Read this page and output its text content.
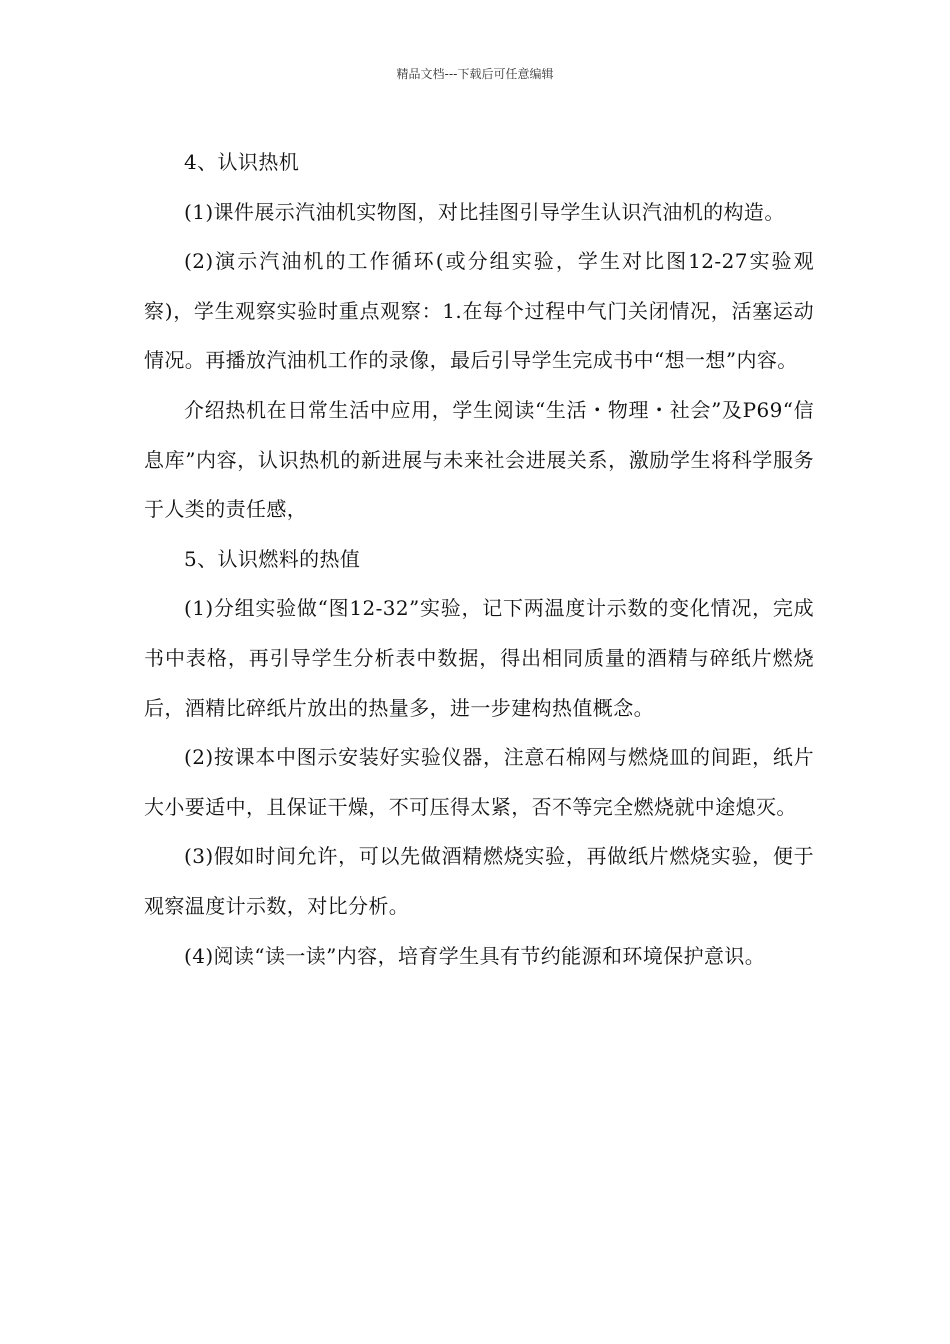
精品文档---下载后可任意编辑

4、认识热机

(1)课件展示汽油机实物图，对比挂图引导学生认识汽油机的构造。

(2)演示汽油机的工作循环(或分组实验，学生对比图12-27实验观察)，学生观察实验时重点观察：1.在每个过程中气门关闭情况，活塞运动情况。再播放汽油机工作的录像，最后引导学生完成书中“想一想”内容。

介绍热机在日常生活中应用，学生阅读“生活・物理・社会”及P69“信息库”内容，认识热机的新进展与未来社会进展关系，激励学生将科学服务于人类的责任感，

5、认识燃料的热值

(1)分组实验做“图12-32”实验，记下两温度计示数的变化情况，完成书中表格，再引导学生分析表中数据，得出相同质量的酒精与碎纸片燃烧后，酒精比碎纸片放出的热量多，进一步建构热值概念。

(2)按课本中图示安装好实验仪器，注意石棉网与燃烧皿的间距，纸片大小要适中，且保证干燥，不可压得太紧，否不等完全燃烧就中途熄灭。

(3)假如时间允许，可以先做酒精燃烧实验，再做纸片燃烧实验，便于观察温度计示数，对比分析。

(4)阅读“读一读”内容，培育学生具有节约能源和环境保护意识。
